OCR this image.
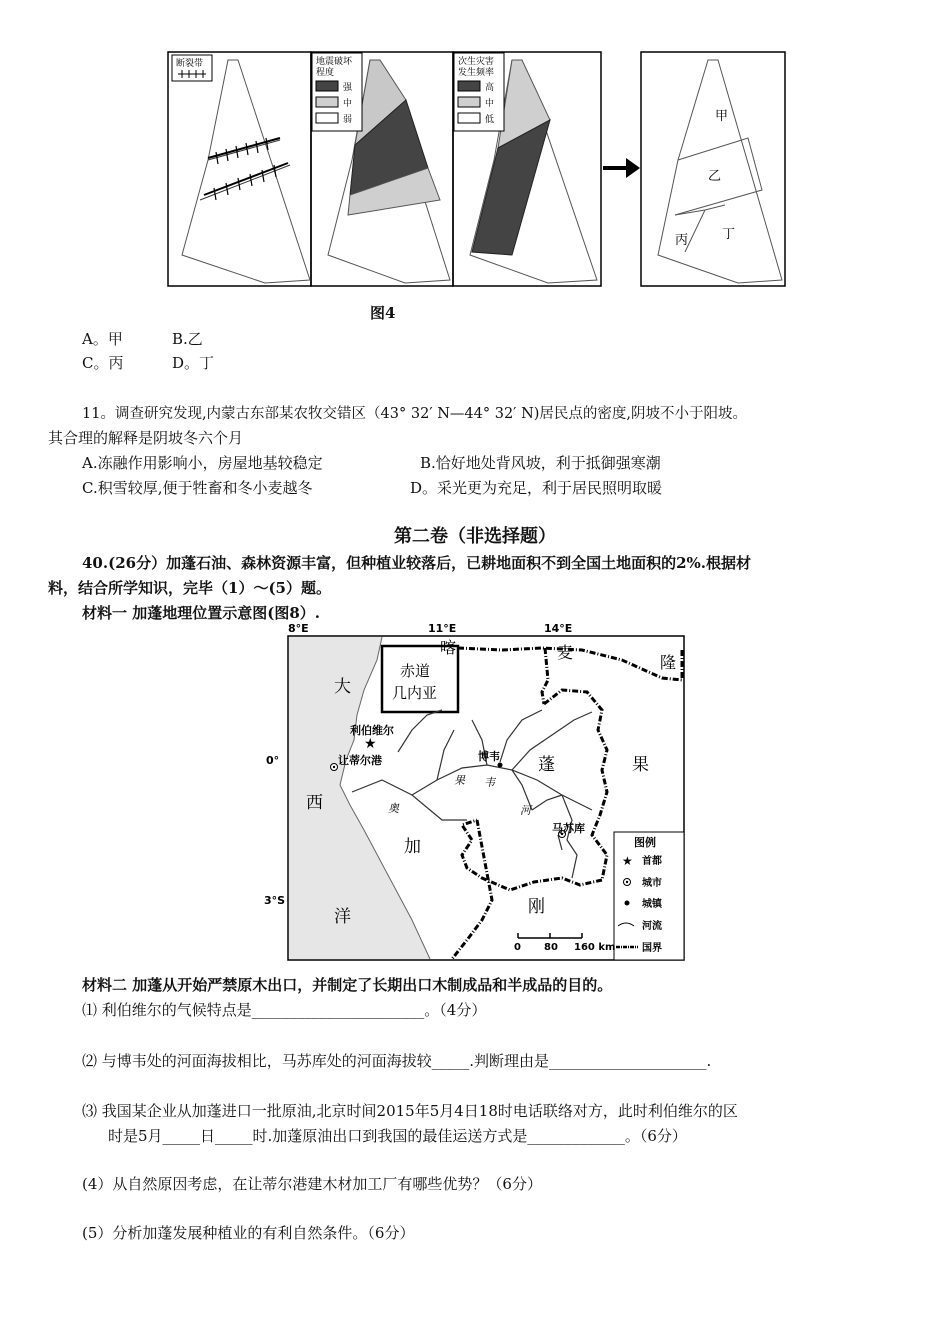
断裂带	地震破坏
程度
强
中
弱
次生灾害
发生频率
高
中
低	甲
乙
丙	丁
图4
A。甲	B.乙
C。丙	D。丁
11。调查研究发现,内蒙古东部某农牧交错区（43° 32′ N—44° 32′ N)居民点的密度,阴坡不小于阳坡。
其合理的解释是阴坡冬六个月
A.冻融作用影响小，房屋地基较稳定	B.恰好地处背风坡，利于抵御强寒潮
C.积雪较厚,便于牲畜和冬小麦越冬	D。采光更为充足，利于居民照明取暖
第二卷（非选择题）
40.(26分）加蓬石油、森林资源丰富，但种植业较落后，已耕地面积不到全国土地面积的2%.根据材
料，结合所学知识，完毕（1）～(5）题。
材料一 加蓬地理位置示意图(图8）.
8°E	11°E	14°E
0°
3°S
赤道
几内亚
喀	麦
隆
果
蓬
加
刚
大
西
洋
奥
果 韦
河
利伯维尔
★
让蒂尔港	博韦
马苏库
图例
★ 首都
城市
城镇
河流
国界
0 80 160 km
材料二 加蓬从开始严禁原木出口，并制定了长期出口木制成品和半成品的目的。
⑴ 利伯维尔的气候特点是_______________________。（4分）
⑵ 与博韦处的河面海拔相比，马苏库处的河面海拔较_____.判断理由是_____________________.
⑶ 我国某企业从加蓬进口一批原油,北京时间2015年5月4日18时电话联络对方，此时利伯维尔的区
时是5月_____日_____时.加蓬原油出口到我国的最佳运送方式是_____________。（6分）
(4）从自然原因考虑，在让蒂尔港建木材加工厂有哪些优势？（6分）
(5）分析加蓬发展种植业的有利自然条件。（6分）
